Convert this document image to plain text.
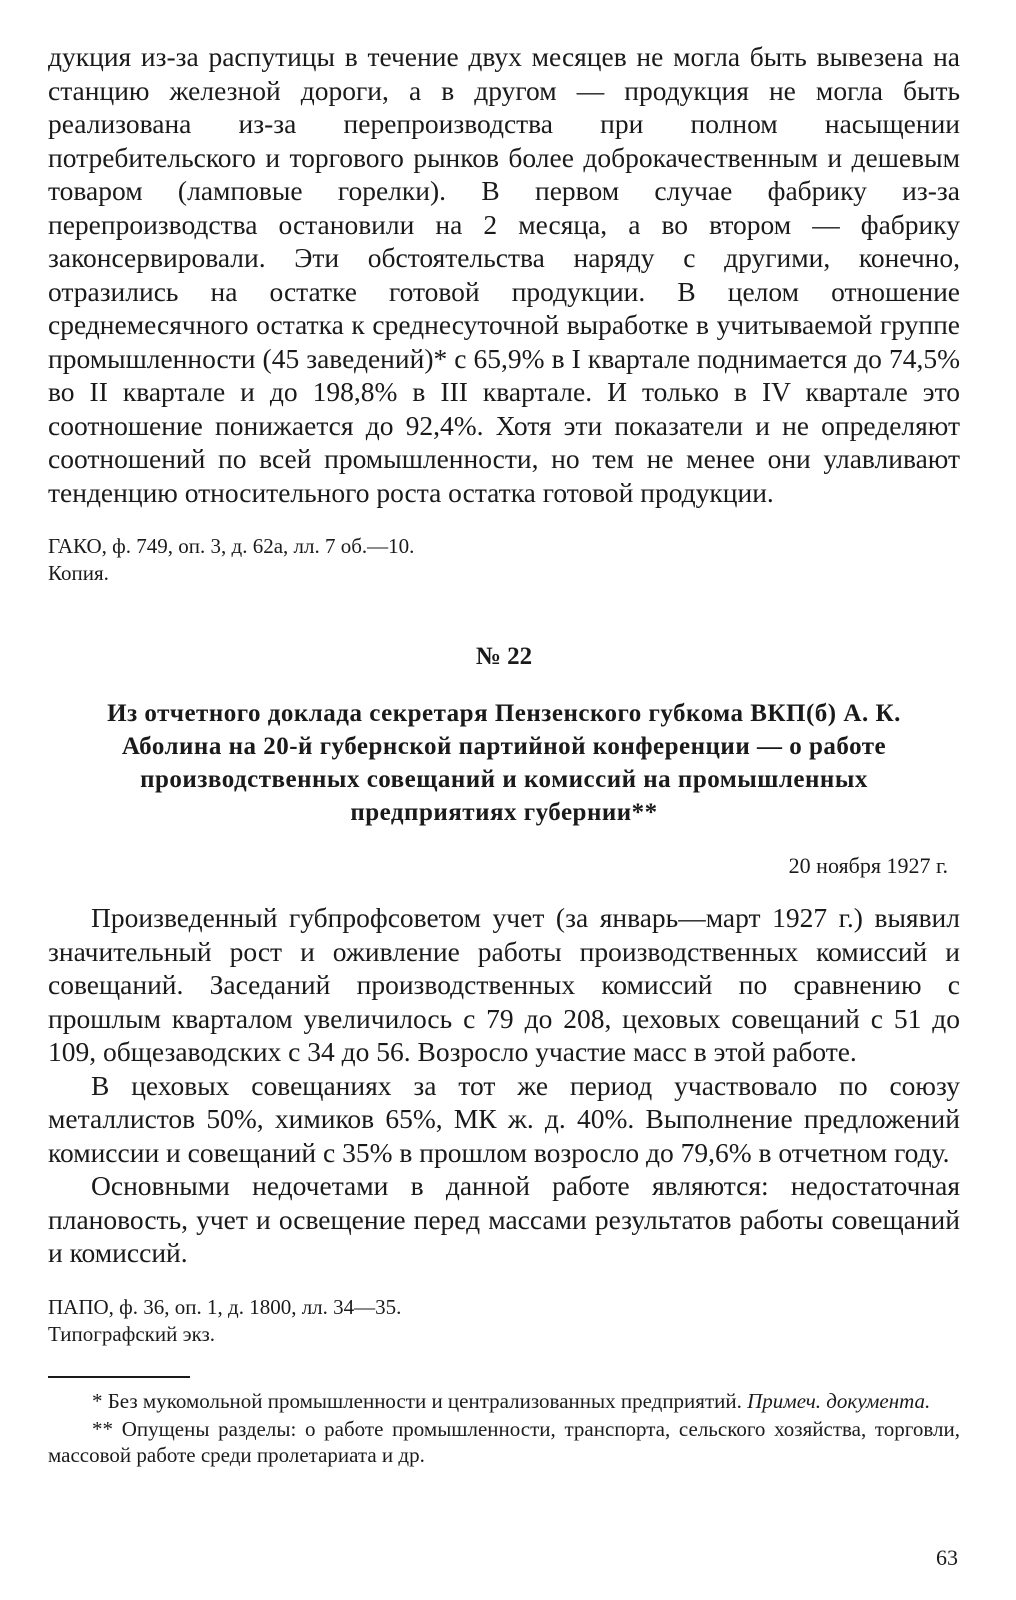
дукция из-за распутицы в течение двух месяцев не могла быть вывезена на станцию железной дороги, а в другом — продукция не могла быть реализована из-за перепроизводства при полном насыщении потребительского и торгового рынков более доброкачественным и дешевым товаром (ламповые горелки). В первом случае фабрику из-за перепроизводства остановили на 2 месяца, а во втором — фабрику законсервировали. Эти обстоятельства наряду с другими, конечно, отразились на остатке готовой продукции. В целом отношение среднемесячного остатка к среднесуточной выработке в учитываемой группе промышленности (45 заведений)* с 65,9% в I квартале поднимается до 74,5% во II квартале и до 198,8% в III квартале. И только в IV квартале это соотношение понижается до 92,4%. Хотя эти показатели и не определяют соотношений по всей промышленности, но тем не менее они улавливают тенденцию относительного роста остатка готовой продукции.

ГАКО, ф. 749, оп. 3, д. 62а, лл. 7 об.—10.
Копия.
№ 22
Из отчетного доклада секретаря Пензенского губкома ВКП(б) А. К. Аболина на 20-й губернской партийной конференции — о работе производственных совещаний и комиссий на промышленных предприятиях губернии**
20 ноября 1927 г.

Произведенный губпрофсоветом учет (за январь—март 1927 г.) выявил значительный рост и оживление работы производственных комиссий и совещаний. Заседаний производственных комиссий по сравнению с прошлым кварталом увеличилось с 79 до 208, цеховых совещаний с 51 до 109, общезаводских с 34 до 56. Возросло участие масс в этой работе.

В цеховых совещаниях за тот же период участвовало по союзу металлистов 50%, химиков 65%, МК ж. д. 40%. Выполнение предложений комиссии и совещаний с 35% в прошлом возросло до 79,6% в отчетном году.

Основными недочетами в данной работе являются: недостаточная плановость, учет и освещение перед массами результатов работы совещаний и комиссий.

ПАПО, ф. 36, оп. 1, д. 1800, лл. 34—35.
Типографский экз.
* Без мукомольной промышленности и централизованных предприятий. Примеч. документа.
** Опущены разделы: о работе промышленности, транспорта, сельского хозяйства, торговли, массовой работе среди пролетариата и др.
63
